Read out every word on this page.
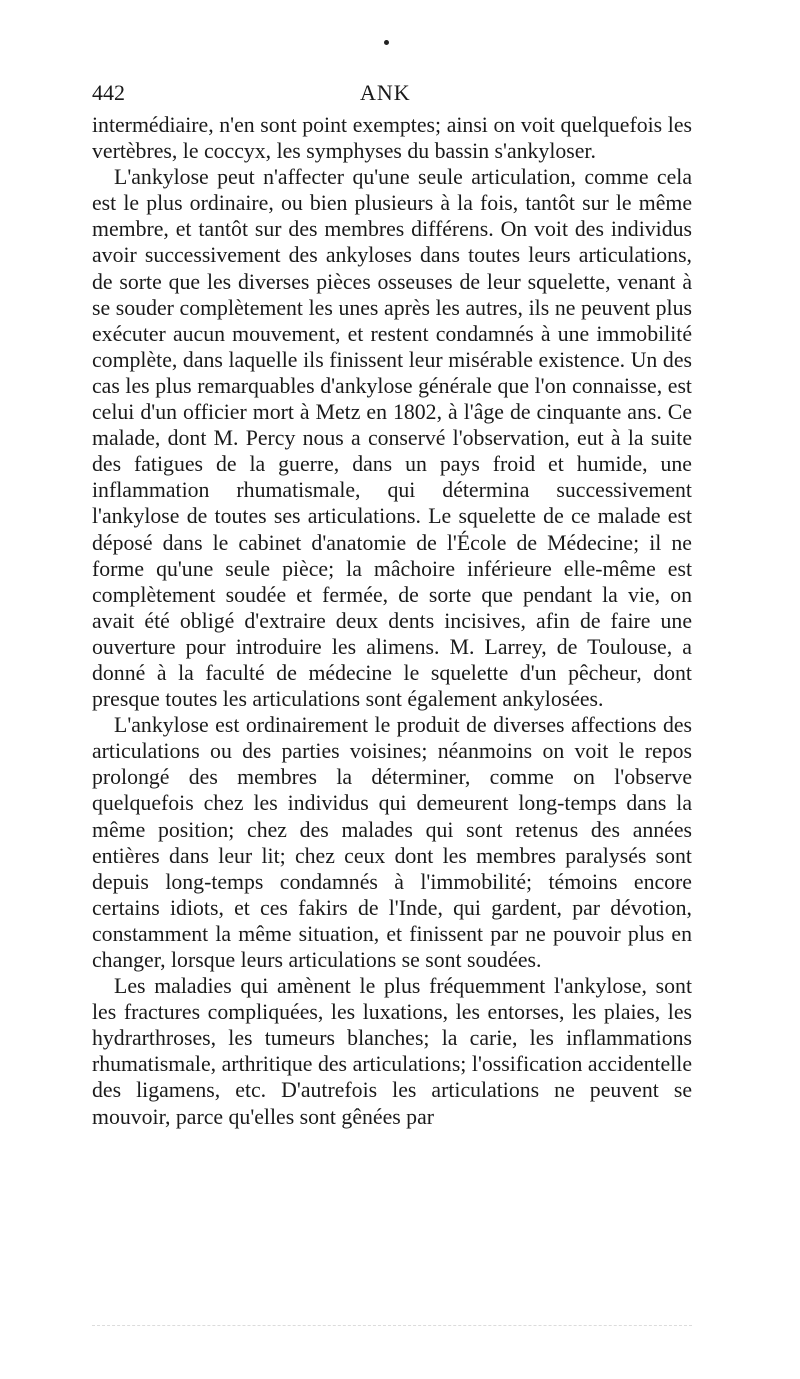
442	ANK

intermédiaire, n'en sont point exemptes; ainsi on voit quelquefois les vertèbres, le coccyx, les symphyses du bassin s'ankyloser.

L'ankylose peut n'affecter qu'une seule articulation, comme cela est le plus ordinaire, ou bien plusieurs à la fois, tantôt sur le même membre, et tantôt sur des membres différens. On voit des individus avoir successivement des ankyloses dans toutes leurs articulations, de sorte que les diverses pièces osseuses de leur squelette, venant à se souder complètement les unes après les autres, ils ne peuvent plus exécuter aucun mouvement, et restent condamnés à une immobilité complète, dans laquelle ils finissent leur misérable existence. Un des cas les plus remarquables d'ankylose générale que l'on connaisse, est celui d'un officier mort à Metz en 1802, à l'âge de cinquante ans. Ce malade, dont M. Percy nous a conservé l'observation, eut à la suite des fatigues de la guerre, dans un pays froid et humide, une inflammation rhumatismale, qui détermina successivement l'ankylose de toutes ses articulations. Le squelette de ce malade est déposé dans le cabinet d'anatomie de l'École de Médecine; il ne forme qu'une seule pièce; la mâchoire inférieure elle-même est complètement soudée et fermée, de sorte que pendant la vie, on avait été obligé d'extraire deux dents incisives, afin de faire une ouverture pour introduire les alimens. M. Larrey, de Toulouse, a donné à la faculté de médecine le squelette d'un pêcheur, dont presque toutes les articulations sont également ankylosées.

L'ankylose est ordinairement le produit de diverses affections des articulations ou des parties voisines; néanmoins on voit le repos prolongé des membres la déterminer, comme on l'observe quelquefois chez les individus qui demeurent long-temps dans la même position; chez des malades qui sont retenus des années entières dans leur lit; chez ceux dont les membres paralysés sont depuis long-temps condamnés à l'immobilité; témoins encore certains idiots, et ces fakirs de l'Inde, qui gardent, par dévotion, constamment la même situation, et finissent par ne pouvoir plus en changer, lorsque leurs articulations se sont soudées.

Les maladies qui amènent le plus fréquemment l'ankylose, sont les fractures compliquées, les luxations, les entorses, les plaies, les hydrarthroses, les tumeurs blanches; la carie, les inflammations rhumatismale, arthritique des articulations; l'ossification accidentelle des ligamens, etc. D'autrefois les articulations ne peuvent se mouvoir, parce qu'elles sont gênées par
